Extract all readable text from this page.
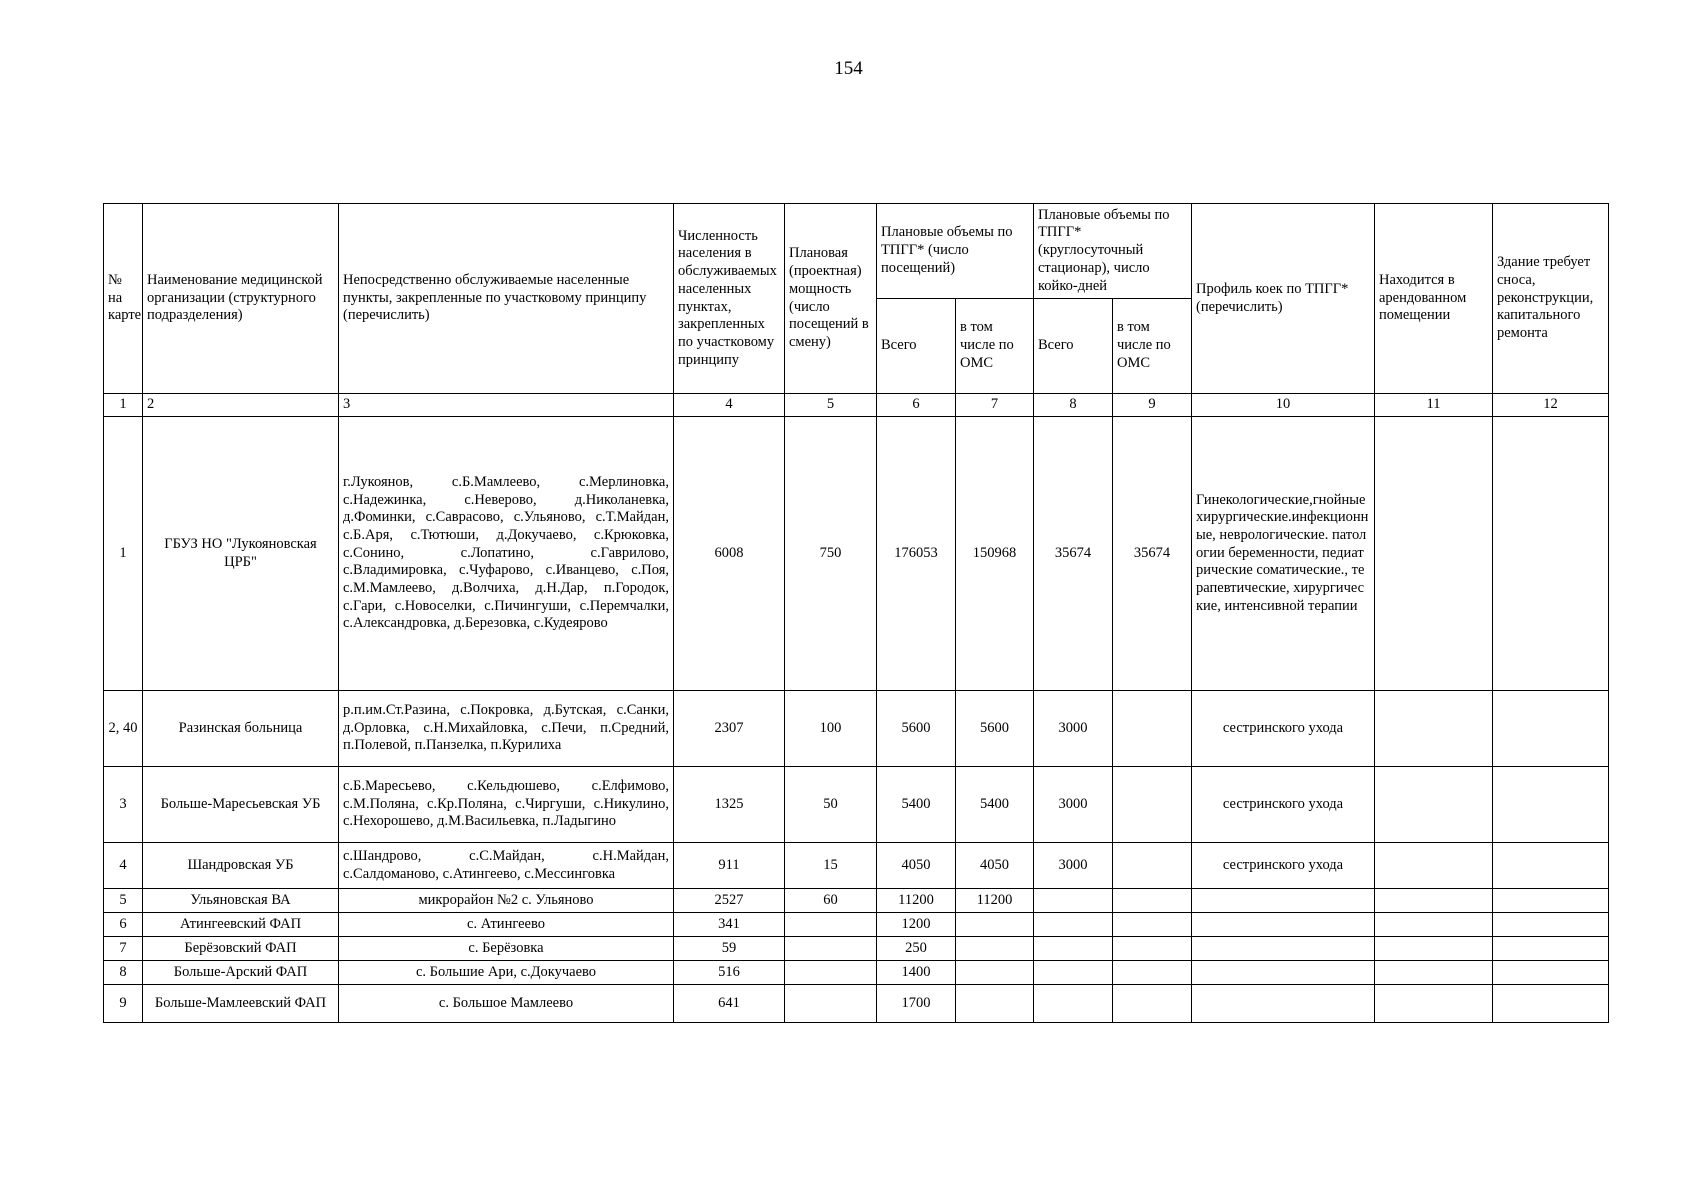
154
№ на карте	Наименование медицинской организации (структурного подразделения)	Непосредственно обслуживаемые населенные пункты, закрепленные по участковому принципу (перечислить)	Численность населения в обслуживаемых населенных пунктах, закрепленных по участковому принципу	Плановая (проектная) мощность (число посещений в смену)	Плановые объемы по ТПГГ* (число посещений)		Плановые объемы по ТПГГ* (круглосуточный стационар), число койко-дней		Профиль коек по ТПГГ* (перечислить)	Находится в арендованном помещении	Здание требует сноса, реконструкции, капитального ремонта
					Всего	в том числе по ОМС	Всего	в том числе по ОМС			
1	2	3	4	5	6	7	8	9	10	11	12
1	ГБУЗ НО "Лукояновская ЦРБ"	г.Лукоянов, с.Б.Мамлеево, с.Мерлиновка, с.Надежинка, с.Неверово, д.Николаневка, д.Фоминки, с.Саврасово, с.Ульяново, с.Т.Майдан, с.Б.Аря, с.Тютюши, д.Докучаево, с.Крюковка, с.Сонино, с.Лопатино, с.Гаврилово, с.Владимировка, с.Чуфарово, с.Иванцево, с.Поя, с.М.Мамлеево, д.Волчиха, д.Н.Дар, п.Городок, с.Гари, с.Новоселки, с.Пичингуши, с.Перемчалки, с.Александровка, д.Березовка, с.Кудеярово	6008	750	176053	150968	35674	35674	Гинекологические,гнойные хирургические.инфекционные, неврологические. патологии беременности, педиатрические соматические., терапевтические, хирургические, интенсивной терапии		
2, 40	Разинская больница	р.п.им.Ст.Разина, с.Покровка, д.Бутская, с.Санки, д.Орловка, с.Н.Михайловка, с.Печи, п.Средний, п.Полевой, п.Панзелка, п.Курилиха	2307	100	5600	5600	3000		сестринского ухода		
3	Больше-Маресьевская УБ	с.Б.Маресьево, с.Кельдюшево, с.Елфимово, с.М.Поляна, с.Кр.Поляна, с.Чиргуши, с.Никулино, с.Нехорошево, д.М.Васильевка, п.Ладыгино	1325	50	5400	5400	3000		сестринского ухода		
4	Шандровская УБ	с.Шандрово, с.С.Майдан, с.Н.Майдан, с.Салдоманово, с.Атингеево, с.Мессинговка	911	15	4050	4050	3000		сестринского ухода		
5	Ульяновская ВА	микрорайон №2 с. Ульяново	2527	60	11200	11200					
6	Атингеевский ФАП	с. Атингеево	341		1200						
7	Берёзовский ФАП	с. Берёзовка	59		250						
8	Больше-Арский ФАП	с. Большие Ари, с.Докучаево	516		1400						
9	Больше-Мамлеевский ФАП	с. Большое Мамлеево	641		1700						
